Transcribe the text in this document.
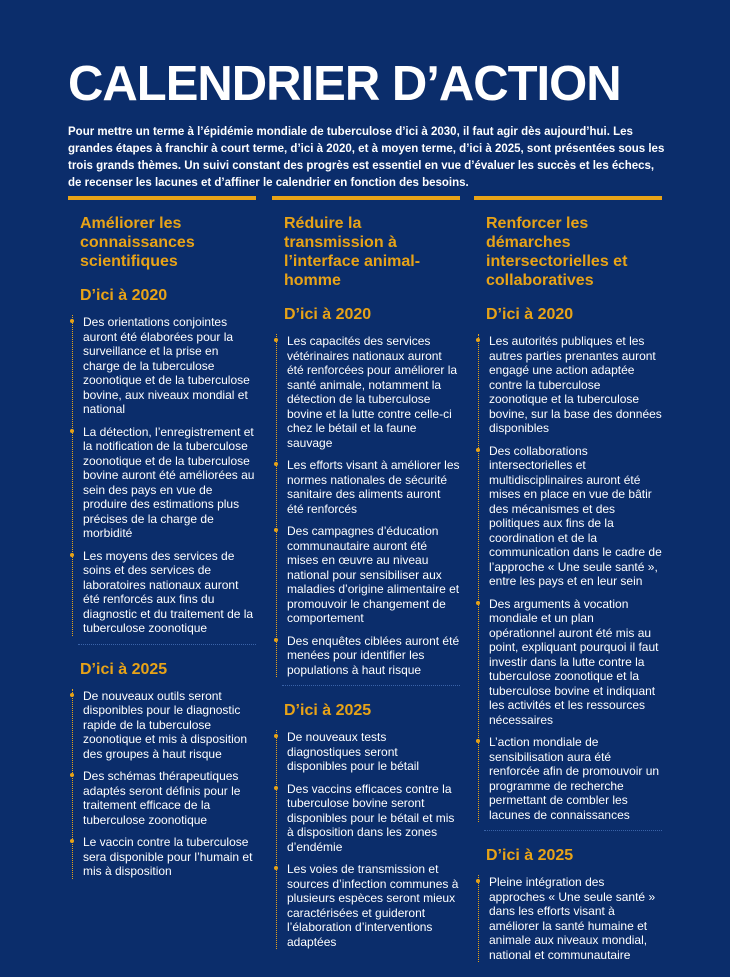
CALENDRIER D’ACTION

Pour mettre un terme à l’épidémie mondiale de tuberculose d’ici à 2030, il faut agir dès aujourd’hui. Les grandes étapes à franchir à court terme, d’ici à 2020, et à moyen terme, d’ici à 2025, sont présentées sous les trois grands thèmes. Un suivi constant des progrès est essentiel en vue d’évaluer les succès et les échecs, de recenser les lacunes et d’affiner le calendrier en fonction des besoins.

Améliorer les connaissances scientifiques
D’ici à 2020
Des orientations conjointes auront été élaborées pour la surveillance et la prise en charge de la tuberculose zoonotique et de la tuberculose bovine, aux niveaux mondial et national
La détection, l’enregistrement et la notification de la tuberculose zoonotique et de la tuberculose bovine auront été améliorées au sein des pays en vue de produire des estimations plus précises de la charge de morbidité
Les moyens des services de soins et des services de laboratoires nationaux auront été renforcés aux fins du diagnostic et du traitement de la tuberculose zoonotique
D’ici à 2025
De nouveaux outils seront disponibles pour le diagnostic rapide de la tuberculose zoonotique et mis à disposition des groupes à haut risque
Des schémas thérapeutiques adaptés seront définis pour le traitement efficace de la tuberculose zoonotique
Le vaccin contre la tuberculose sera disponible pour l’humain et mis à disposition
Réduire la transmission à l’interface animal-homme
D’ici à 2020
Les capacités des services vétérinaires nationaux auront été renforcées pour améliorer la santé animale, notamment la détection de la tuberculose bovine et la lutte contre celle-ci chez le bétail et la faune sauvage
Les efforts visant à améliorer les normes nationales de sécurité sanitaire des aliments auront été renforcés
Des campagnes d’éducation communautaire auront été mises en œuvre au niveau national pour sensibiliser aux maladies d’origine alimentaire et promouvoir le changement de comportement
Des enquêtes ciblées auront été menées pour identifier les populations à haut risque
D’ici à 2025
De nouveaux tests diagnostiques seront disponibles pour le bétail
Des vaccins efficaces contre la tuberculose bovine seront disponibles pour le bétail et mis à disposition dans les zones d’endémie
Les voies de transmission et sources d’infection communes à plusieurs espèces seront mieux caractérisées et guideront l’élaboration d’interventions adaptées
Renforcer les démarches intersectorielles et collaboratives
D’ici à 2020
Les autorités publiques et les autres parties prenantes auront engagé une action adaptée contre la tuberculose zoonotique et la tuberculose bovine, sur la base des données disponibles
Des collaborations intersectorielles et multidisciplinaires auront été mises en place en vue de bâtir des mécanismes et des politiques aux fins de la coordination et de la communication dans le cadre de l’approche « Une seule santé », entre les pays et en leur sein
Des arguments à vocation mondiale et un plan opérationnel auront été mis au point, expliquant pourquoi il faut investir dans la lutte contre la tuberculose zoonotique et la tuberculose bovine et indiquant les activités et les ressources nécessaires
L’action mondiale de sensibilisation aura été renforcée afin de promouvoir un programme de recherche permettant de combler les lacunes de connaissances
D’ici à 2025
Pleine intégration des approches « Une seule santé » dans les efforts visant à améliorer la santé humaine et animale aux niveaux mondial, national et communautaire
